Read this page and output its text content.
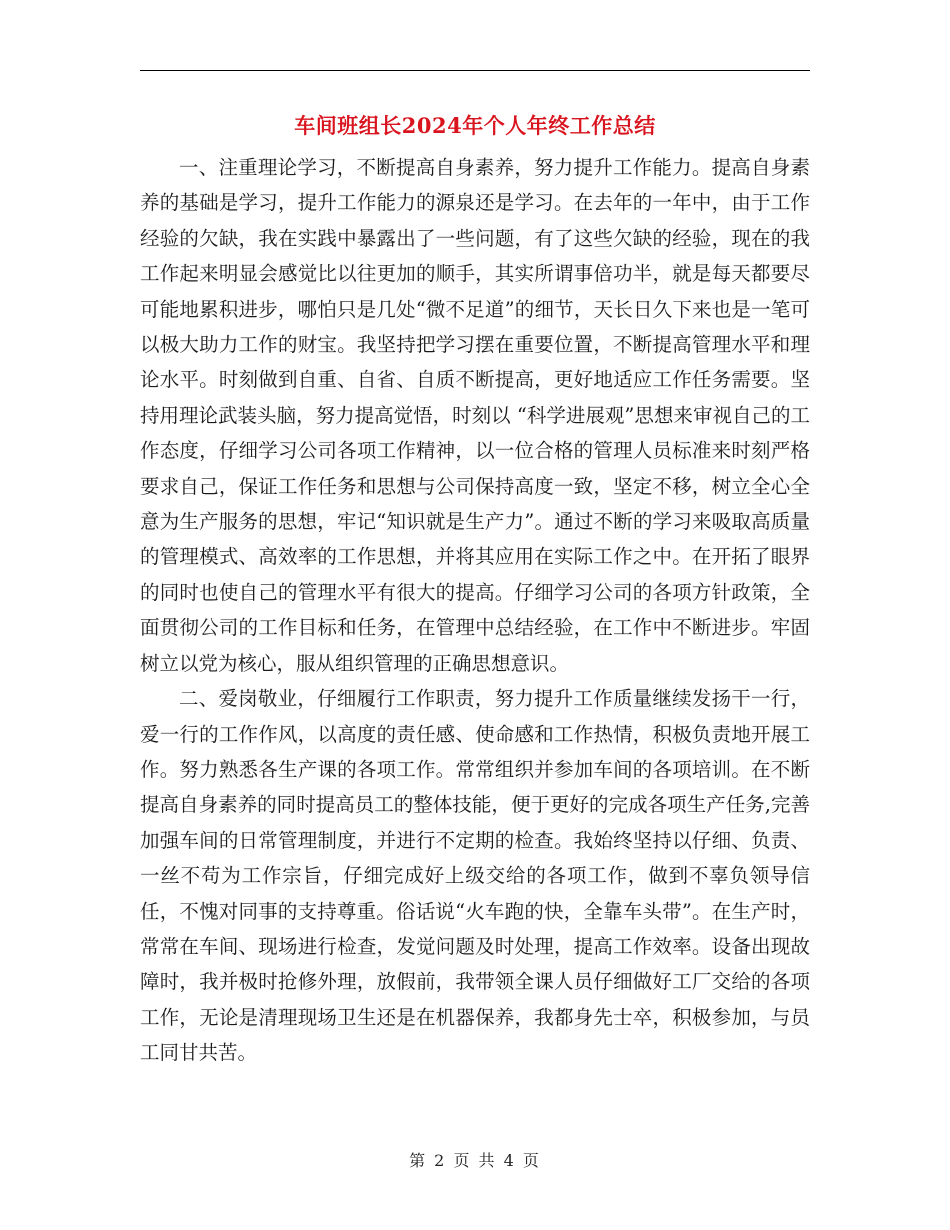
车间班组长2024年个人年终工作总结

一、注重理论学习，不断提高自身素养，努力提升工作能力。提高自身素养的基础是学习，提升工作能力的源泉还是学习。在去年的一年中，由于工作经验的欠缺，我在实践中暴露出了一些问题，有了这些欠缺的经验，现在的我工作起来明显会感觉比以往更加的顺手，其实所谓事倍功半，就是每天都要尽可能地累积进步，哪怕只是几处“微不足道”的细节，天长日久下来也是一笔可以极大助力工作的财宝。我坚持把学习摆在重要位置，不断提高管理水平和理论水平。时刻做到自重、自省、自质不断提高，更好地适应工作任务需要。坚持用理论武装头脑，努力提高觉悟，时刻以 “科学进展观”思想来审视自己的工作态度，仔细学习公司各项工作精神，以一位合格的管理人员标准来时刻严格要求自己，保证工作任务和思想与公司保持高度一致，坚定不移，树立全心全意为生产服务的思想，牢记“知识就是生产力”。通过不断的学习来吸取高质量的管理模式、高效率的工作思想，并将其应用在实际工作之中。在开拓了眼界的同时也使自己的管理水平有很大的提高。仔细学习公司的各项方针政策，全面贯彻公司的工作目标和任务，在管理中总结经验，在工作中不断进步。牢固树立以党为核心，服从组织管理的正确思想意识。

二、爱岗敬业，仔细履行工作职责，努力提升工作质量继续发扬干一行，爱一行的工作作风，以高度的责任感、使命感和工作热情，积极负责地开展工作。努力熟悉各生产课的各项工作。常常组织并参加车间的各项培训。在不断提高自身素养的同时提高员工的整体技能，便于更好的完成各项生产任务,完善加强车间的日常管理制度，并进行不定期的检查。我始终坚持以仔细、负责、一丝不苟为工作宗旨，仔细完成好上级交给的各项工作，做到不辜负领导信任，不愧对同事的支持尊重。俗话说“火车跑的快，全靠车头带”。在生产时，常常在车间、现场进行检查，发觉问题及时处理，提高工作效率。设备出现故障时，我并极时抢修外理，放假前，我带领全课人员仔细做好工厂交给的各项工作，无论是清理现场卫生还是在机器保养，我都身先士卒，积极参加，与员工同甘共苦。

第 2 页 共 4 页
